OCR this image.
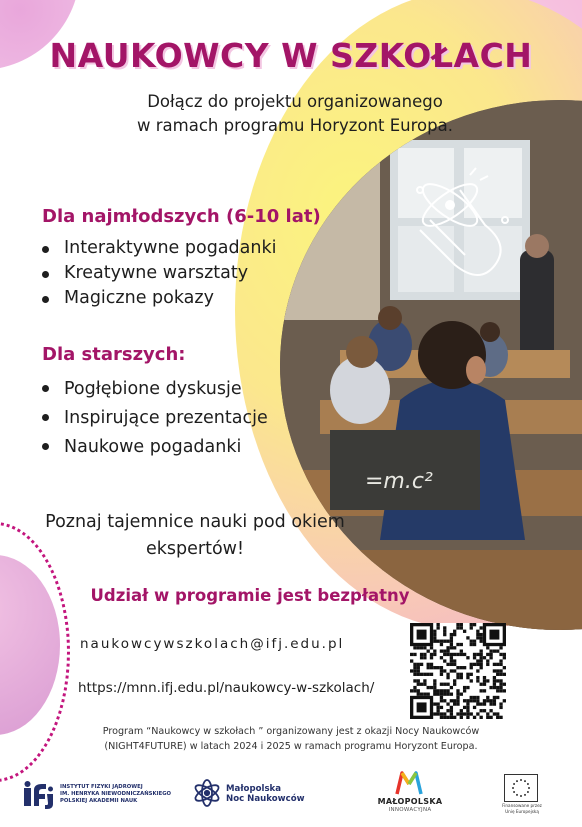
=m.c²
NAUKOWCY W SZKOŁACH

Dołącz do projektu organizowanego
w ramach programu Horyzont Europa.

Dla najmłodszych (6-10 lat)
Interaktywne pogadanki
Kreatywne warsztaty
Magiczne pokazy
Dla starszych:
Pogłębione dyskusje
Inspirujące prezentacje
Naukowe pogadanki

Poznaj tajemnice nauki pod okiem
ekspertów!

Udział w programie jest bezpłatny

naukowcywszkolach@ifj.edu.pl

https://mnn.ifj.edu.pl/naukowcy-w-szkolach/

Program “Naukowcy w szkołach ” organizowany jest z okazji Nocy Naukowców
(NIGHT4FUTURE) w latach 2024 i 2025 w ramach programu Horyzont Europa.

INSTYTUT FIZYKI JĄDROWEJ
IM. HENRYKA NIEWODNICZAŃSKIEGO
POLSKIEJ AKADEMII NAUK
Małopolska
Noc Naukowców	MAŁOPOLSKA
INNOWACYJNA
Finansowane przez
Unię Europejską
